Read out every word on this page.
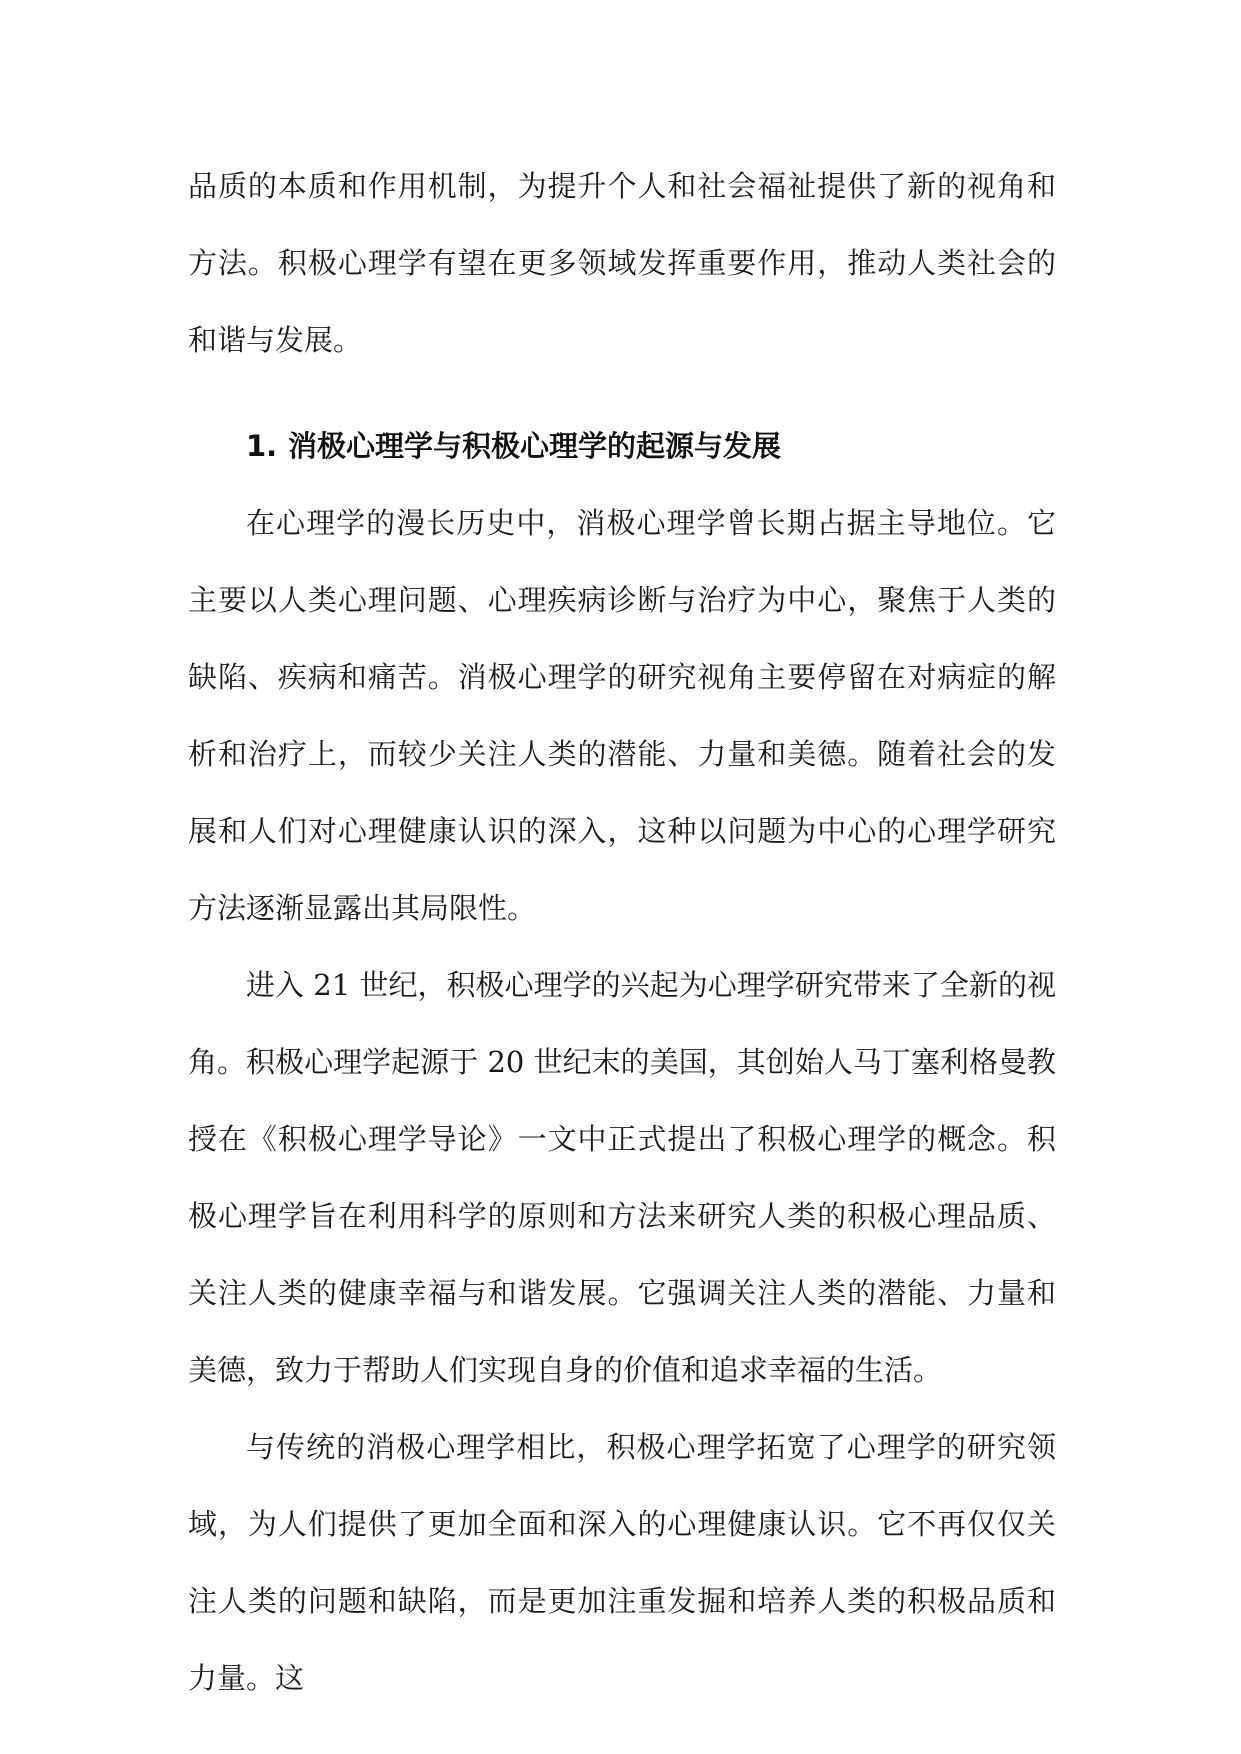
品质的本质和作用机制，为提升个人和社会福祉提供了新的视角和方法。积极心理学有望在更多领域发挥重要作用，推动人类社会的和谐与发展。

1. 消极心理学与积极心理学的起源与发展

在心理学的漫长历史中，消极心理学曾长期占据主导地位。它主要以人类心理问题、心理疾病诊断与治疗为中心，聚焦于人类的缺陷、疾病和痛苦。消极心理学的研究视角主要停留在对病症的解析和治疗上，而较少关注人类的潜能、力量和美德。随着社会的发展和人们对心理健康认识的深入，这种以问题为中心的心理学研究方法逐渐显露出其局限性。

进入 21 世纪，积极心理学的兴起为心理学研究带来了全新的视角。积极心理学起源于 20 世纪末的美国，其创始人马丁塞利格曼教授在《积极心理学导论》一文中正式提出了积极心理学的概念。积极心理学旨在利用科学的原则和方法来研究人类的积极心理品质、关注人类的健康幸福与和谐发展。它强调关注人类的潜能、力量和美德，致力于帮助人们实现自身的价值和追求幸福的生活。

与传统的消极心理学相比，积极心理学拓宽了心理学的研究领域，为人们提供了更加全面和深入的心理健康认识。它不再仅仅关注人类的问题和缺陷，而是更加注重发掘和培养人类的积极品质和力量。这
